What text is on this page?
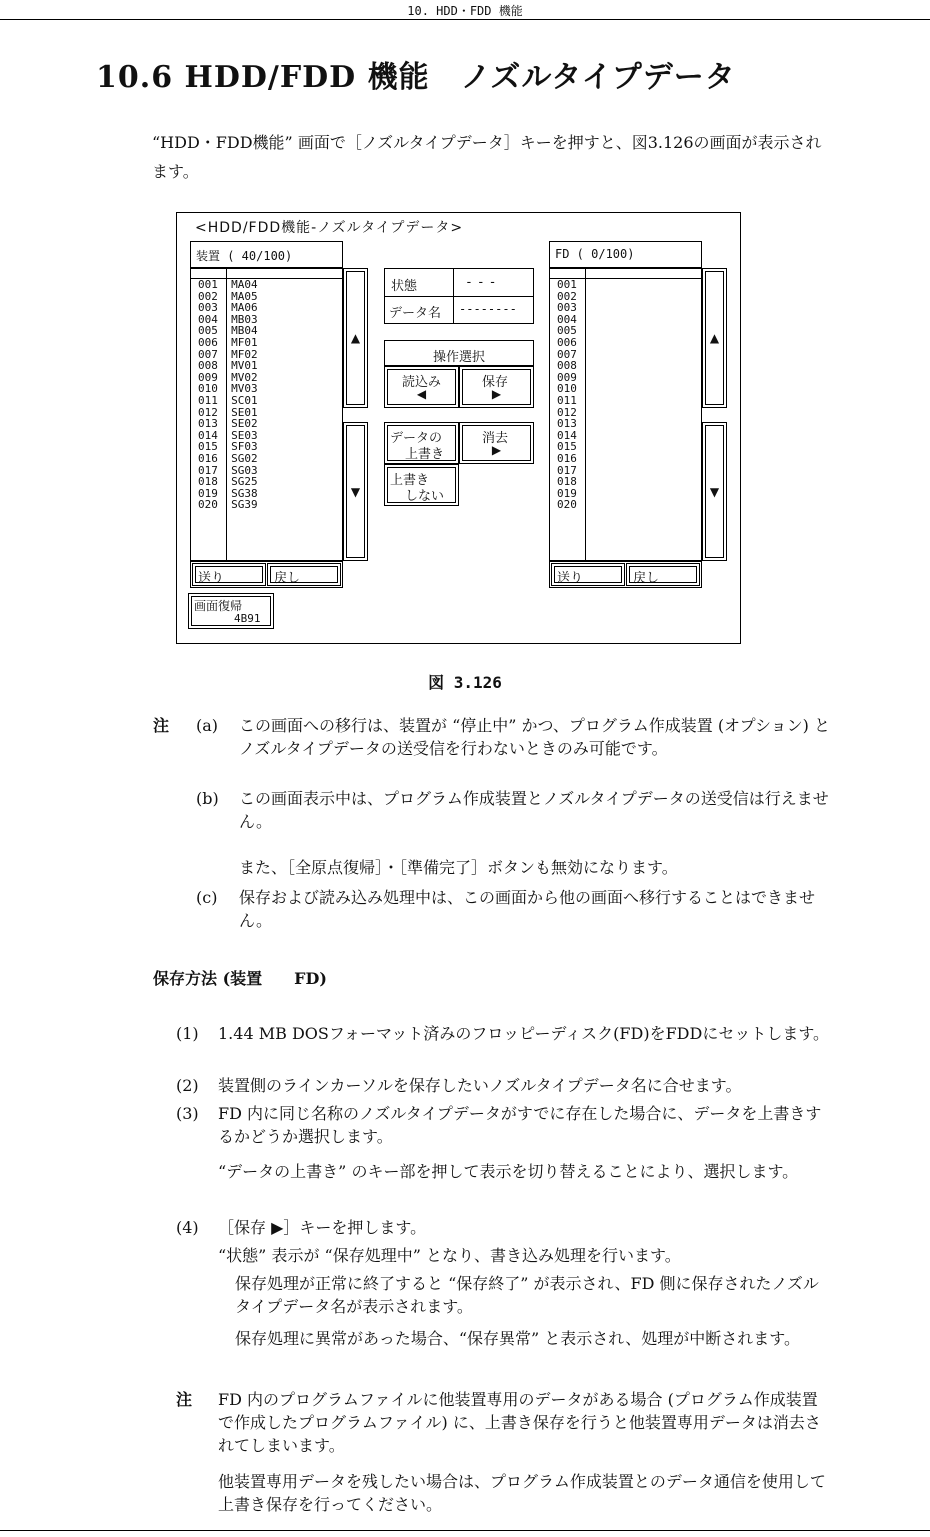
10. HDD・FDD 機能
10.6 HDD/FDD 機能　ノズルタイプデータ
“HDD・FDD機能” 画面で［ノズルタイプデータ］キーを押すと、図3.126の画面が表示されます。
<HDD/FDD機能-ノズルタイプデータ>
装置 ( 40/100)
001  MA04
002  MA05
003  MA06
004  MB03
005  MB04
006  MF01
007  MF02
008  MV01
009  MV02
010  MV03
011  SC01
012  SE01
013  SE02
014  SE03
015  SF03
016  SG02
017  SG03
018  SG25
019  SG38
020  SG39
▲
▼
送り	戻し
画面復帰
4B91
状態	---
データ名 --------
操作選択
読込み
◀
保存
▶
データの
上書き
消去
▶
上書き
しない
FD ( 0/100)
001
002
003
004
005
006
007
008
009
010
011
012
013
014
015
016
017
018
019
020
▲
▼
送り	戻し
図 3.126
注 (a) この画面への移行は、装置が “停止中” かつ、プログラム作成装置 (オプション) とノズルタイプデータの送受信を行わないときのみ可能です。
(b) この画面表示中は、プログラム作成装置とノズルタイプデータの送受信は行えません。
また、［全原点復帰］・［準備完了］ボタンも無効になります。
(c) 保存および読み込み処理中は、この画面から他の画面へ移行することはできません。
保存方法 (装置　　FD)
(1) 1.44 MB DOSフォーマット済みのフロッピーディスク(FD)をFDDにセットします。
(2) 装置側のラインカーソルを保存したいノズルタイプデータ名に合せます。
(3) FD 内に同じ名称のノズルタイプデータがすでに存在した場合に、データを上書きするかどうか選択します。
“データの上書き” のキー部を押して表示を切り替えることにより、選択します。
(4) ［保存 ▶］キーを押します。
“状態” 表示が “保存処理中” となり、書き込み処理を行います。
保存処理が正常に終了すると “保存終了” が表示され、FD 側に保存されたノズルタイプデータ名が表示されます。
保存処理に異常があった場合、“保存異常” と表示され、処理が中断されます。
注 FD 内のプログラムファイルに他装置専用のデータがある場合 (プログラム作成装置で作成したプログラムファイル) に、上書き保存を行うと他装置専用データは消去されてしまいます。
他装置専用データを残したい場合は、プログラム作成装置とのデータ通信を使用して上書き保存を行ってください。
